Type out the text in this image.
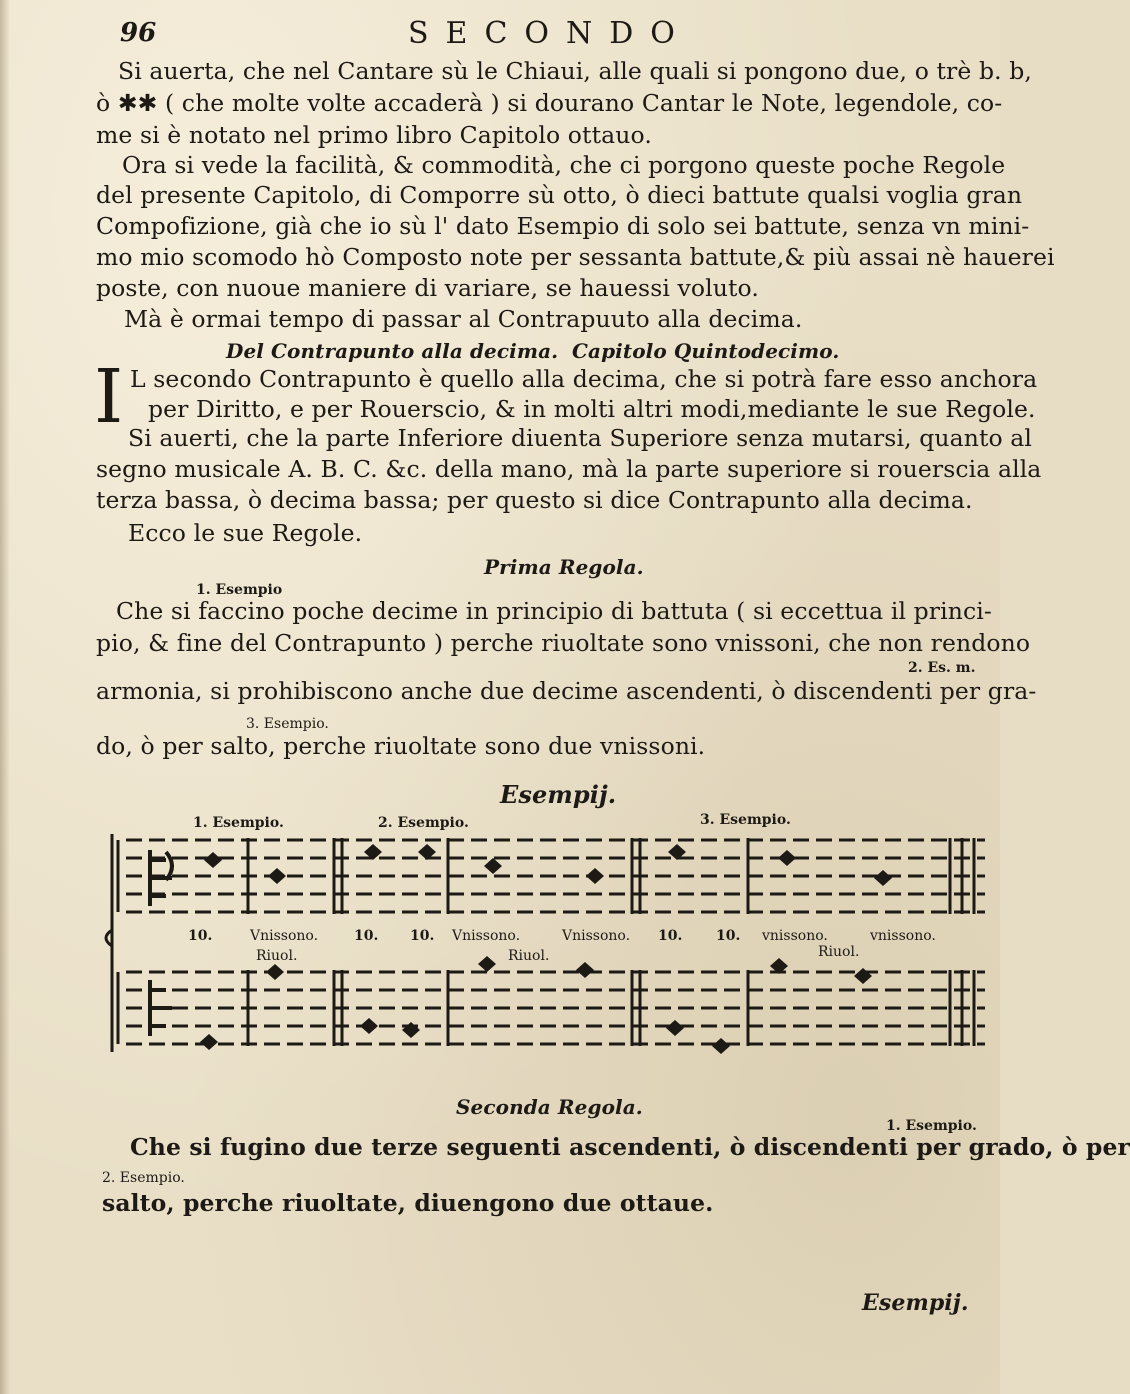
96	SECONDO
Si auerta, che nel Cantare sù le Chiaui, alle quali si pongono due, o trè b. b,
ò ✱✱ ( che molte volte accaderà ) si dourano Cantar le Note, legendole, co-
me si è notato nel primo libro Capitolo ottauo.
Ora si vede la facilità, & commodità, che ci porgono queste poche Regole
del presente Capitolo, di Comporre sù otto, ò dieci battute qualsi voglia gran
Compofizione, già che io sù l' dato Esempio di solo sei battute, senza vn mini-
mo mio scomodo hò Composto note per sessanta battute,& più assai nè hauerei
poste, con nuoue maniere di variare, se hauessi voluto.
Mà è ormai tempo di passar al Contrapuuto alla decima.
Del Contrapunto alla decima. Capitolo Quintodecimo.
I L secondo Contrapunto è quello alla decima, che si potrà fare esso anchora
per Diritto, e per Rouerscio, & in molti altri modi,mediante le sue Regole.
Si auerti, che la parte Inferiore diuenta Superiore senza mutarsi, quanto al
segno musicale A. B. C. &c. della mano, mà la parte superiore si rouerscia alla
terza bassa, ò decima bassa; per questo si dice Contrapunto alla decima.
Ecco le sue Regole.
Prima Regola.
1. Esempio
Che si faccino poche decime in principio di battuta ( si eccettua il princi-
pio, & fine del Contrapunto ) perche riuoltate sono vnissoni, che non rendono
2. Es. m.
armonia, si prohibiscono anche due decime ascendenti, ò discendenti per gra-
3. Esempio.
do, ò per salto, perche riuoltate sono due vnissoni.
Esempij.
1. Esempio.	2. Esempio.	3. Esempio.
10.	Vnissono.	10. 10. Vnissono.	Vnissono. 10. 10. vnissono.	vnissono.
Riuol.	Riuol.	Riuol.
Seconda Regola.
1. Esempio.
Che si fugino due terze seguenti ascendenti, ò discendenti per grado, ò per
2. Esempio.
salto, perche riuoltate, diuengono due ottaue.
Esempij.
